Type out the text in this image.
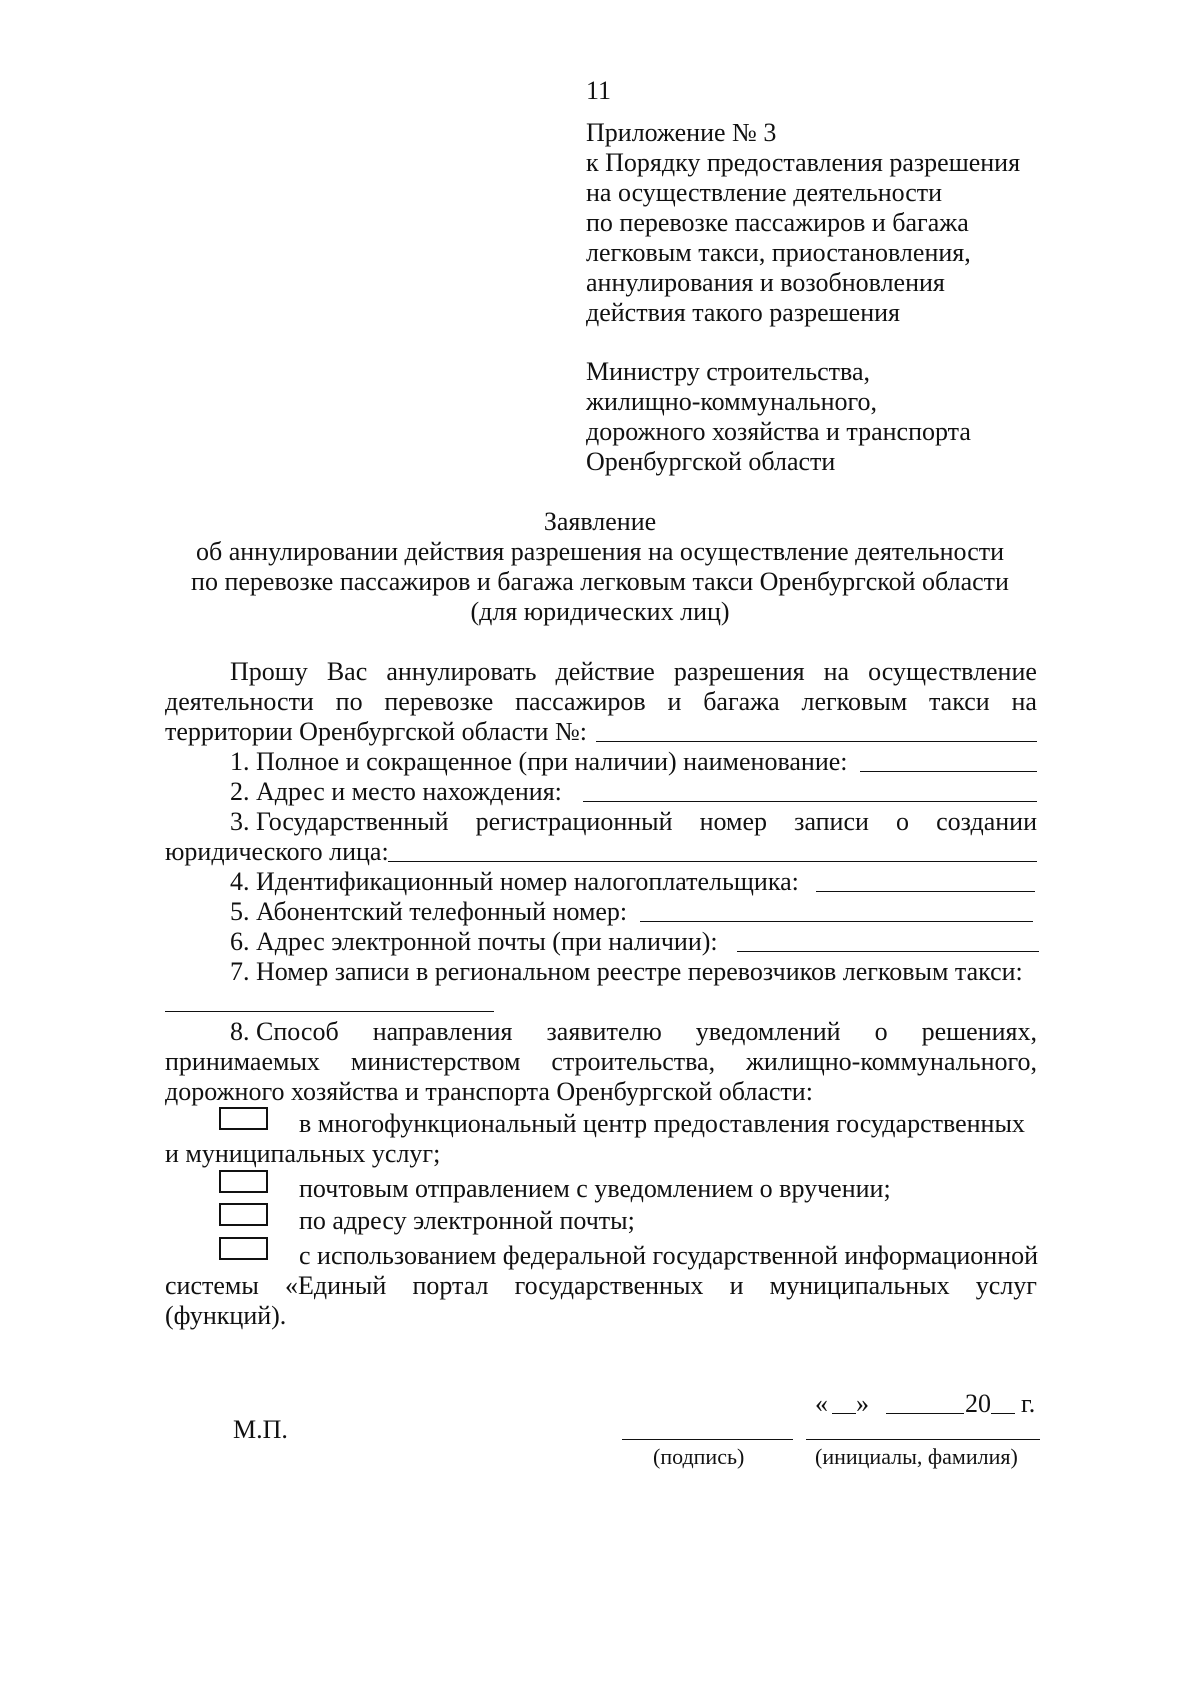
11
Приложение № 3
к Порядку предоставления разрешения
на осуществление деятельности
по перевозке пассажиров и багажа
легковым такси, приостановления,
аннулирования и возобновления
действия такого разрешения
Министру строительства,
жилищно-коммунального,
дорожного хозяйства и транспорта
Оренбургской области
Заявление
об аннулировании действия разрешения на осуществление деятельности
по перевозке пассажиров и багажа легковым такси Оренбургской области
(для юридических лиц)
Прошу Вас аннулировать действие разрешения на осуществление
деятельности по перевозке пассажиров и багажа легковым такси на
территории Оренбургской области №:
1. Полное и сокращенное (при наличии) наименование:
2. Адрес и место нахождения:
3. Государственный регистрационный номер записи о создании
юридического лица:
4. Идентификационный номер налогоплательщика:
5. Абонентский телефонный номер:
6. Адрес электронной почты (при наличии):
7. Номер записи в региональном реестре перевозчиков легковым такси:
8. Способ направления заявителю уведомлений о решениях,
принимаемых министерством строительства, жилищно-коммунального,
дорожного хозяйства и транспорта Оренбургской области:
в многофункциональный центр предоставления государственных
и муниципальных услуг;
почтовым отправлением с уведомлением о вручении;
по адресу электронной почты;
с использованием федеральной государственной информационной
системы «Единый портал государственных и муниципальных услуг
(функций).
« »	20 г.
М.П.
(подпись)	(инициалы, фамилия)
